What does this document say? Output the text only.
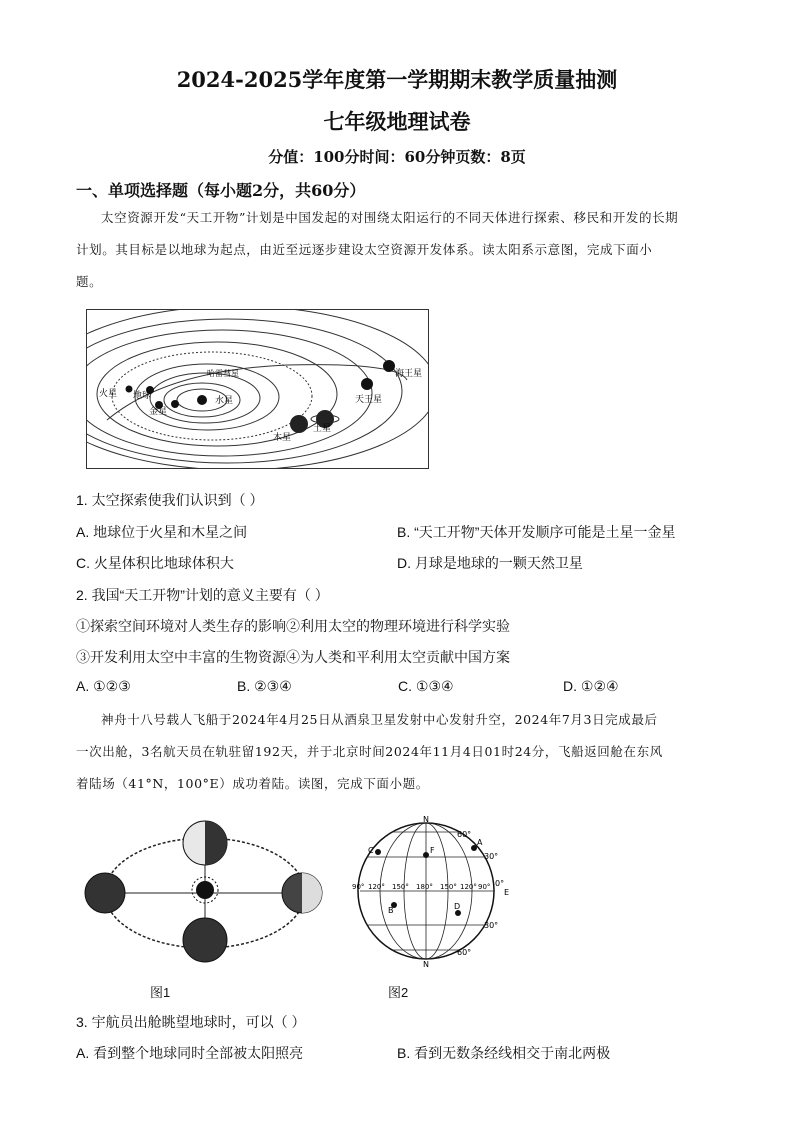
2024-2025学年度第一学期期末教学质量抽测
七年级地理试卷
分值：100分时间：60分钟页数：8页
一、单项选择题（每小题2分，共60分）
太空资源开发“天工开物”计划是中国发起的对围绕太阳运行的不同天体进行探索、移民和开发的长期
计划。其目标是以地球为起点，由近至远逐步建设太空资源开发体系。读太阳系示意图，完成下面小
题。
海王星
天王星
火星 地球
金星
水星
哈雷彗星
木星
土星
1. 太空探索使我们认识到（ ）
A. 地球位于火星和木星之间	B. “天工开物”天体开发顺序可能是土星一金星
C. 火星体积比地球体积大	D. 月球是地球的一颗天然卫星
2. 我国“天工开物”计划的意义主要有（ ）
①探索空间环境对人类生存的影响②利用太空的物理环境进行科学实验
③开发利用太空中丰富的生物资源④为人类和平利用太空贡献中国方案
A. ①②③	B. ②③④	C. ①③④	D. ①②④
神舟十八号载人飞船于2024年4月25日从酒泉卫星发射中心发射升空，2024年7月3日完成最后
一次出舱，3名航天员在轨驻留192天，并于北京时间2024年11月4日01时24分，飞船返回舱在东风
着陆场（41°N，100°E）成功着陆。读图，完成下面小题。
图1
N
N
60°
30°
0°
30°
60°
90° 120° 150° 180° 150° 120° 90°
E
A
B
C
D
F
图2
3. 宇航员出舱眺望地球时，可以（ ）
A. 看到整个地球同时全部被太阳照亮	B. 看到无数条经线相交于南北两极
